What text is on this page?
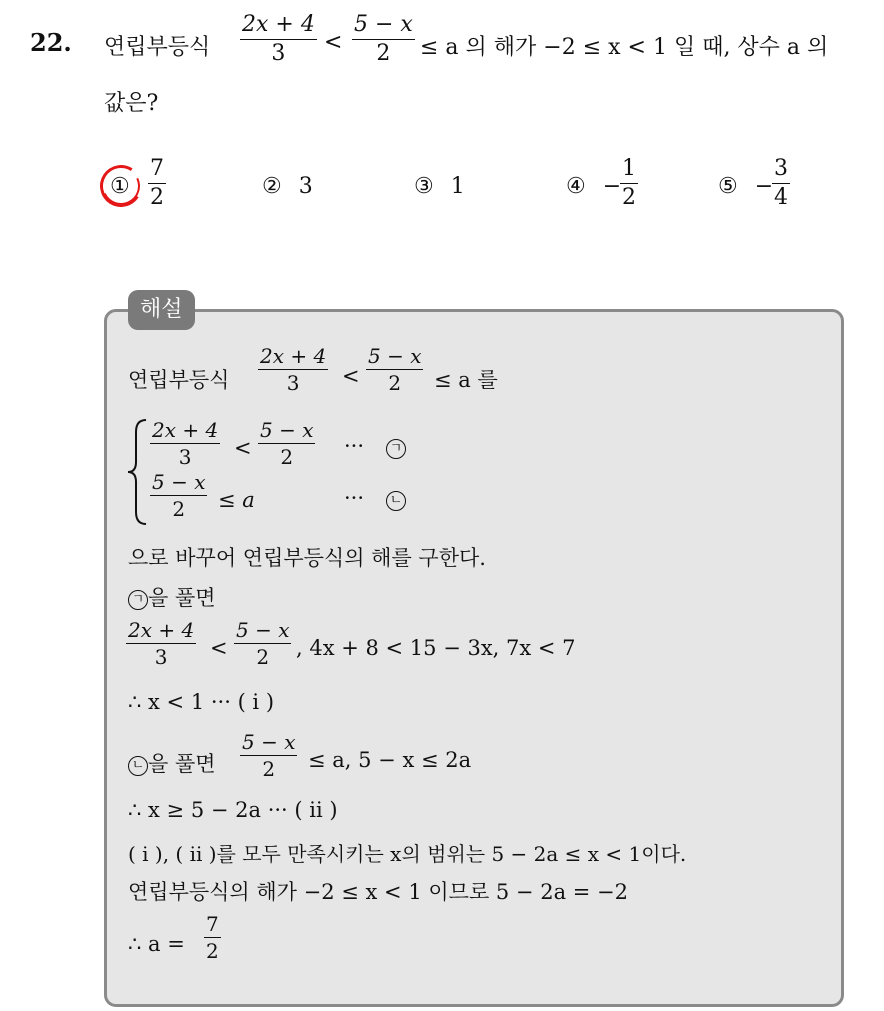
22. 연립부등식
2x + 4
3 <
5 − x
2 ≤ a 의 해가 −2 ≤ x < 1 일 때, 상수 a 의
값은?
①
7
2	② 3	③ 1	④ −
1
2	⑤ −
3
4
해설
연립부등식
2x + 4
3 <
5 − x
2 ≤ a 를
2x + 4
3 <
5 − x
2 ··· ㄱ
5 − x
2 ≤ a	··· ㄴ
으로 바꾸어 연립부등식의 해를 구한다.
ㄱ 을 풀면
2x + 4
3 <
5 − x
2 , 4x + 8 < 15 − 3x, 7x < 7
∴ x < 1 ··· ( i )
ㄴ 을 풀면
5 − x
2 ≤ a, 5 − x ≤ 2a
∴ x ≥ 5 − 2a ··· ( ii )
( i ), ( ii )를 모두 만족시키는 x의 범위는 5 − 2a ≤ x < 1이다.
연립부등식의 해가 −2 ≤ x < 1 이므로 5 − 2a = −2
∴ a =
7
2
